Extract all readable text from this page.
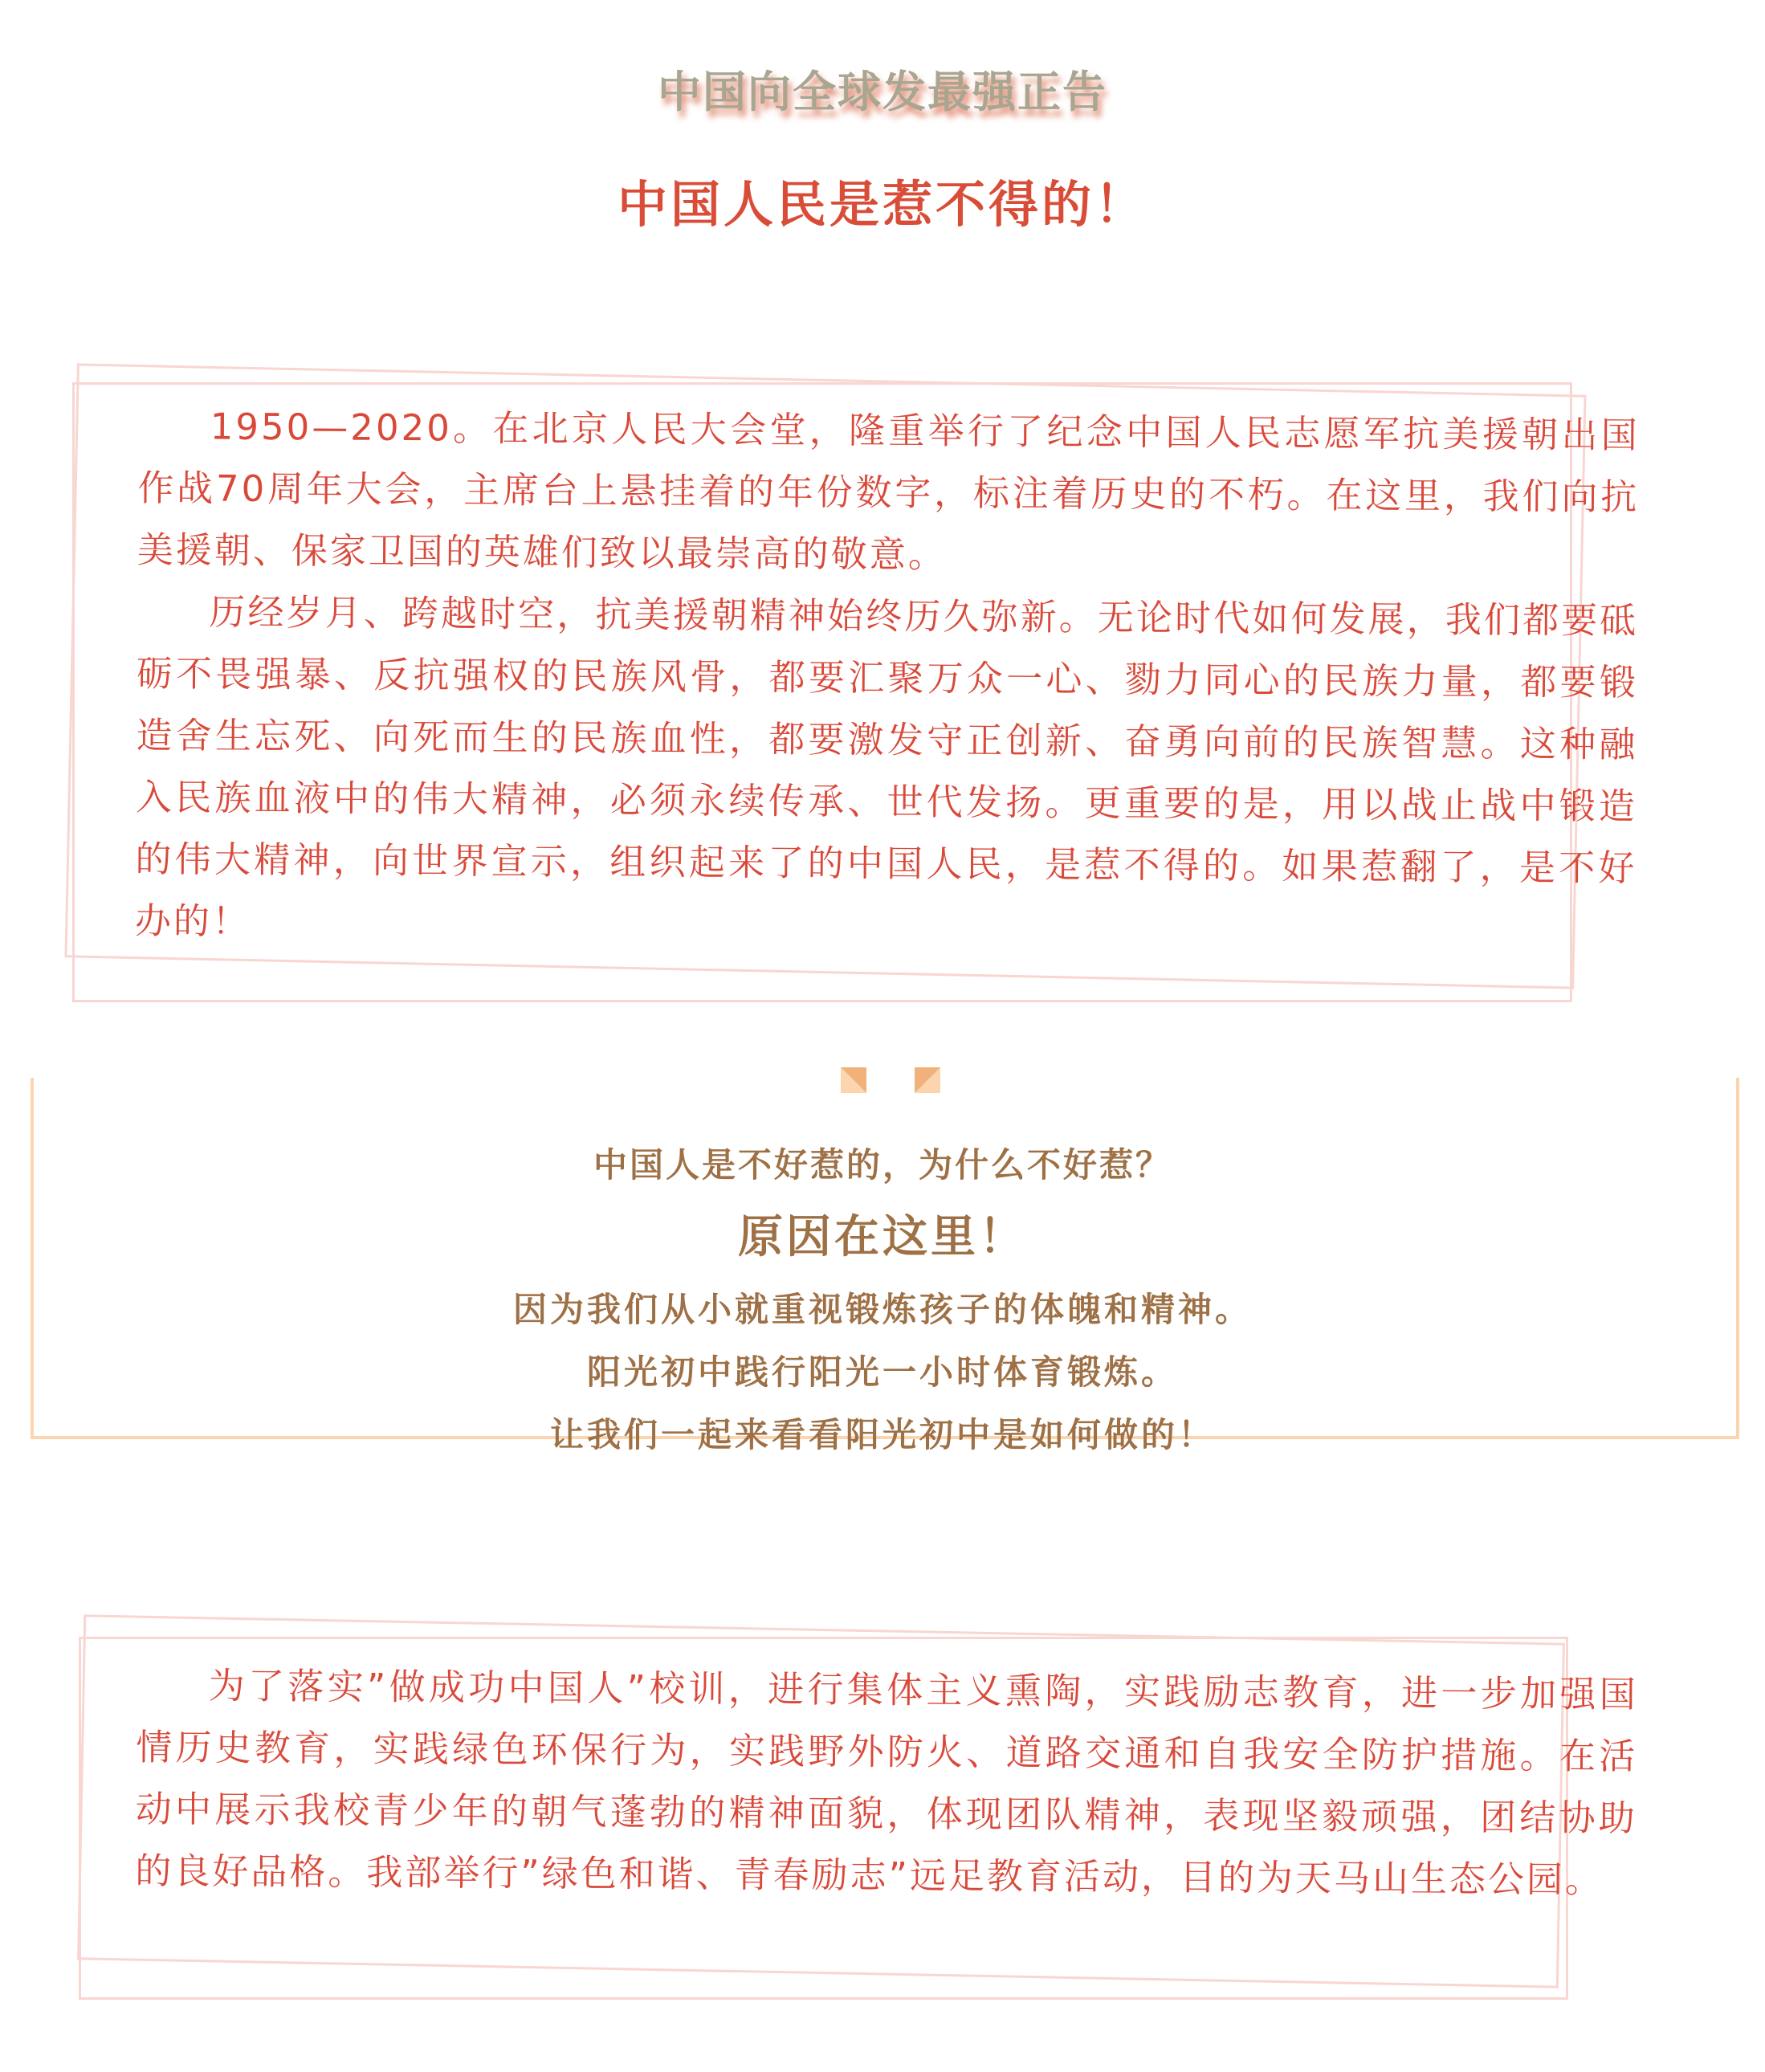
中国向全球发最强正告
中国人民是惹不得的！

1950—2020。在北京人民大会堂，隆重举行了纪念中国人民志愿军抗美援朝出国作战70周年大会，主席台上悬挂着的年份数字，标注着历史的不朽。在这里，我们向抗美援朝、保家卫国的英雄们致以最崇高的敬意。

历经岁月、跨越时空，抗美援朝精神始终历久弥新。无论时代如何发展，我们都要砥砺不畏强暴、反抗强权的民族风骨，都要汇聚万众一心、勠力同心的民族力量，都要锻造舍生忘死、向死而生的民族血性，都要激发守正创新、奋勇向前的民族智慧。这种融入民族血液中的伟大精神，必须永续传承、世代发扬。更重要的是，用以战止战中锻造的伟大精神，向世界宣示，组织起来了的中国人民，是惹不得的。如果惹翻了，是不好办的！

中国人是不好惹的，为什么不好惹？
原因在这里！
因为我们从小就重视锻炼孩子的体魄和精神。
阳光初中践行阳光一小时体育锻炼。
让我们一起来看看阳光初中是如何做的！

为了落实”做成功中国人”校训，进行集体主义熏陶，实践励志教育，进一步加强国情历史教育，实践绿色环保行为，实践野外防火、道路交通和自我安全防护措施。在活动中展示我校青少年的朝气蓬勃的精神面貌，体现团队精神，表现坚毅顽强，团结协助的良好品格。我部举行”绿色和谐、青春励志”远足教育活动，目的为天马山生态公园。
